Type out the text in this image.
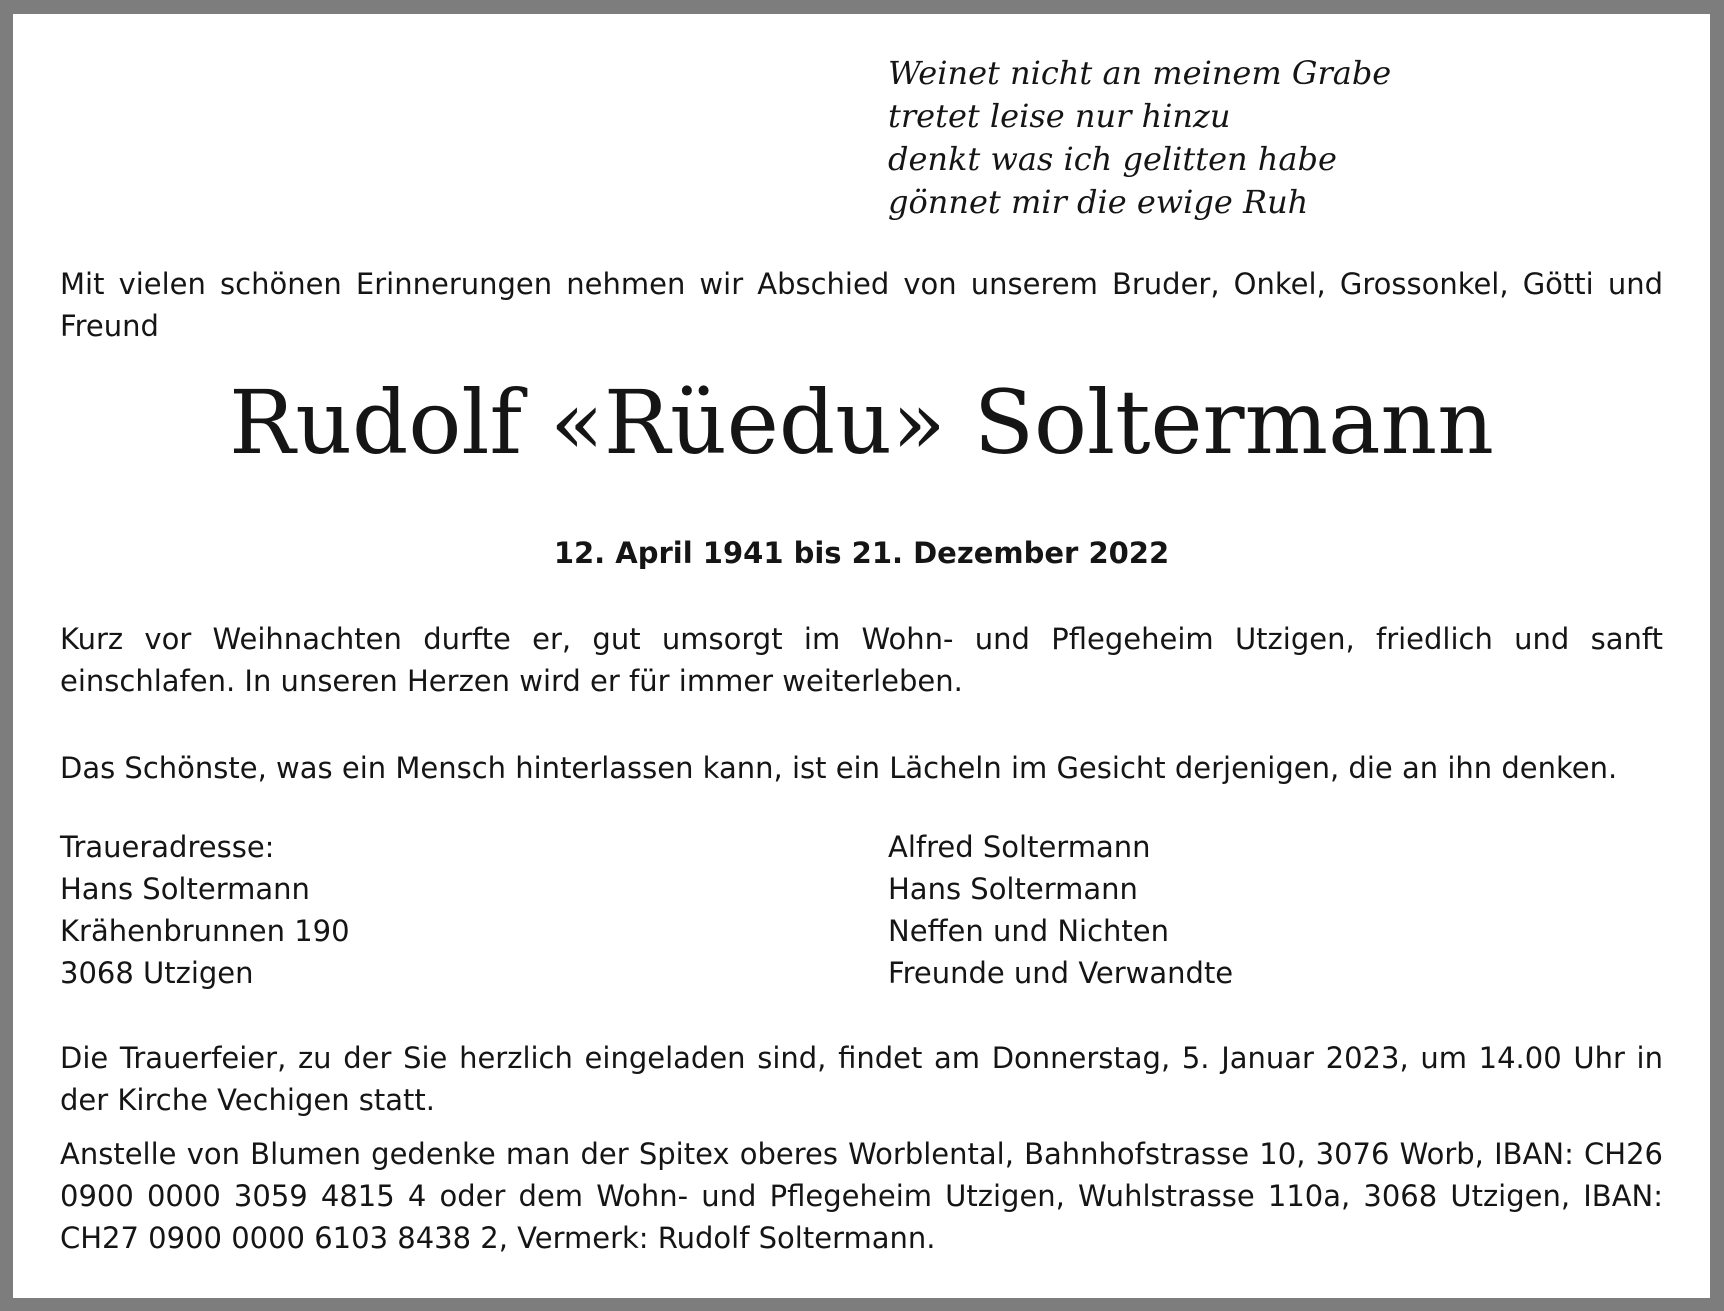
Weinet nicht an meinem Grabe
tretet leise nur hinzu
denkt was ich gelitten habe
gönnet mir die ewige Ruh
Mit vielen schönen Erinnerungen nehmen wir Abschied von unserem Bruder, Onkel, Grossonkel, Götti und Freund
Rudolf «Rüedu» Soltermann
12. April 1941 bis 21. Dezember 2022
Kurz vor Weihnachten durfte er, gut umsorgt im Wohn- und Pflegeheim Utzigen, friedlich und sanft einschlafen. In unseren Herzen wird er für immer weiterleben.
Das Schönste, was ein Mensch hinterlassen kann, ist ein Lächeln im Gesicht derjenigen, die an ihn denken.
Traueradresse:
Hans Soltermann
Krähenbrunnen 190
3068 Utzigen
Alfred Soltermann
Hans Soltermann
Neffen und Nichten
Freunde und Verwandte
Die Trauerfeier, zu der Sie herzlich eingeladen sind, findet am Donnerstag, 5. Januar 2023, um 14.00 Uhr in der Kirche Vechigen statt.
Anstelle von Blumen gedenke man der Spitex oberes Worblental, Bahnhofstrasse 10, 3076 Worb, IBAN: CH26 0900 0000 3059 4815 4 oder dem Wohn- und Pflegeheim Utzigen, Wuhlstrasse 110a, 3068 Utzigen, IBAN: CH27 0900 0000 6103 8438 2, Vermerk: Rudolf Soltermann.
